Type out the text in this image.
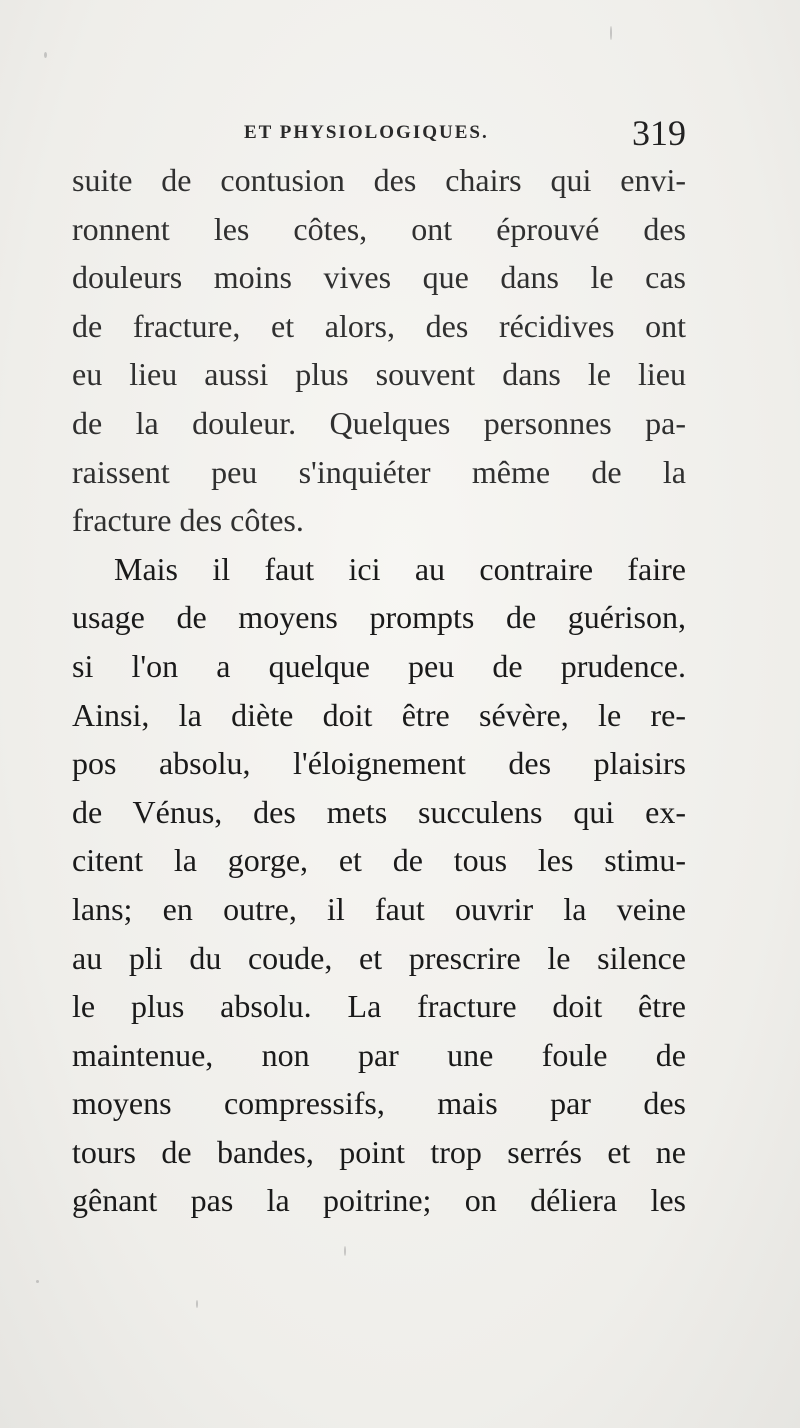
ET PHYSIOLOGIQUES.	319
suite de contusion des chairs qui envi-
ronnent les côtes, ont éprouvé des
douleurs moins vives que dans le cas
de fracture, et alors, des récidives ont
eu lieu aussi plus souvent dans le lieu
de la douleur. Quelques personnes pa-
raissent peu s'inquiéter même de la
fracture des côtes.
Mais il faut ici au contraire faire
usage de moyens prompts de guérison,
si l'on a quelque peu de prudence.
Ainsi, la diète doit être sévère, le re-
pos absolu, l'éloignement des plaisirs
de Vénus, des mets succulens qui ex-
citent la gorge, et de tous les stimu-
lans; en outre, il faut ouvrir la veine
au pli du coude, et prescrire le silence
le plus absolu. La fracture doit être
maintenue, non par une foule de
moyens compressifs, mais par des
tours de bandes, point trop serrés et ne
gênant pas la poitrine; on déliera les
